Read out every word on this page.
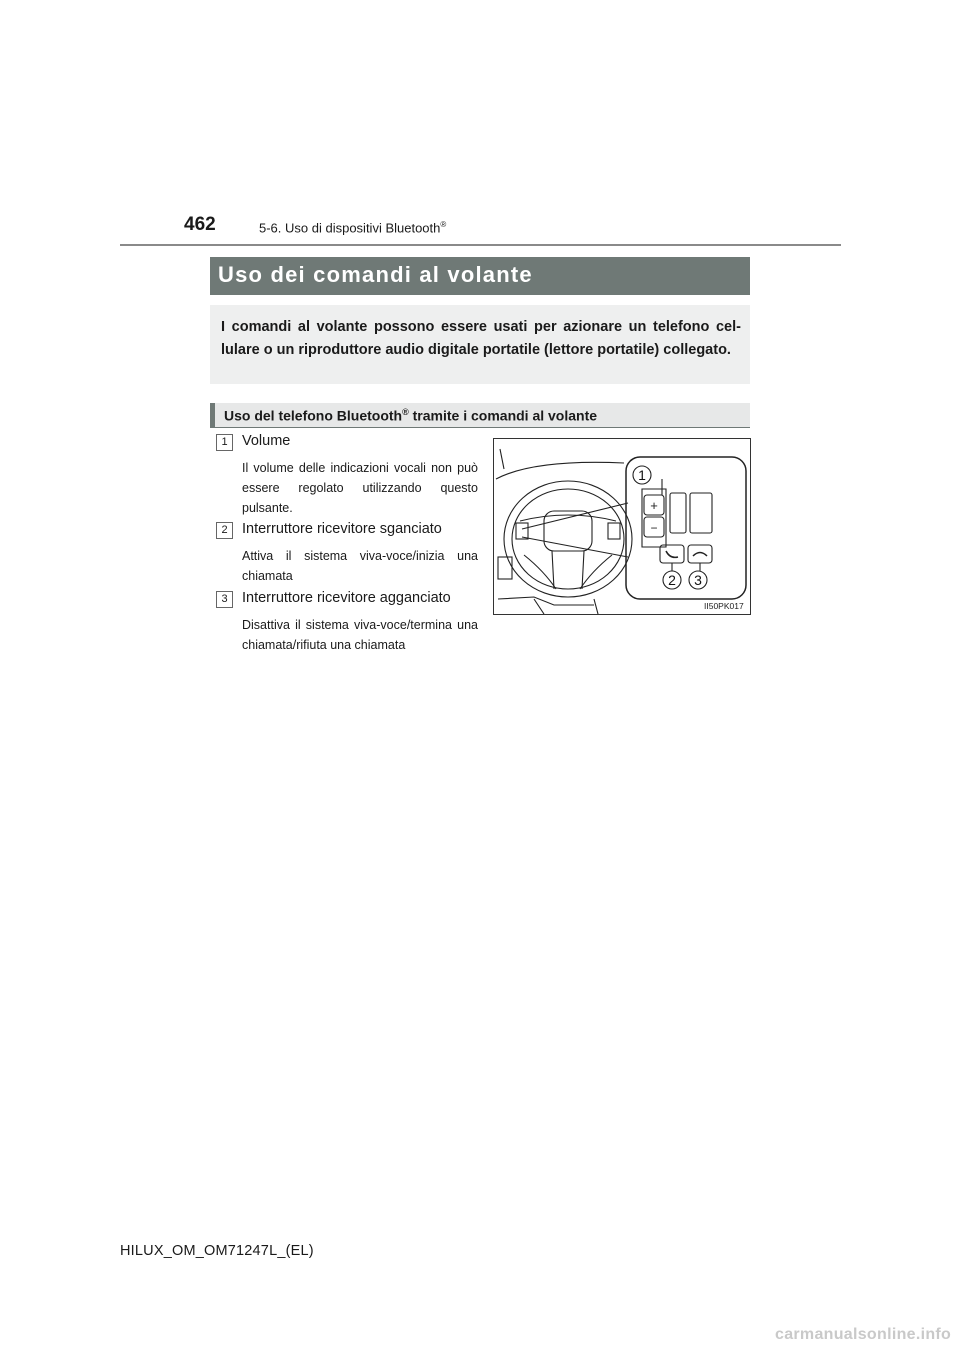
462	5-6. Uso di dispositivi Bluetooth®
Uso dei comandi al volante

I comandi al volante possono essere usati per azionare un telefono cellulare o un riproduttore audio digitale portatile (lettore portatile) collegato.

Uso del telefono Bluetooth® tramite i comandi al volante
1 Volume

Il volume delle indicazioni vocali non può essere regolato utilizzando questo pulsante.

2 Interruttore ricevitore sganciato

Attiva il sistema viva-voce/inizia una chiamata

3 Interruttore ricevitore agganciato

Disattiva il sistema viva-voce/termina una chiamata/rifiuta una chiamata

+
−
1
2 3
II50PK017
HILUX_OM_OM71247L_(EL)
carmanualsonline.info
